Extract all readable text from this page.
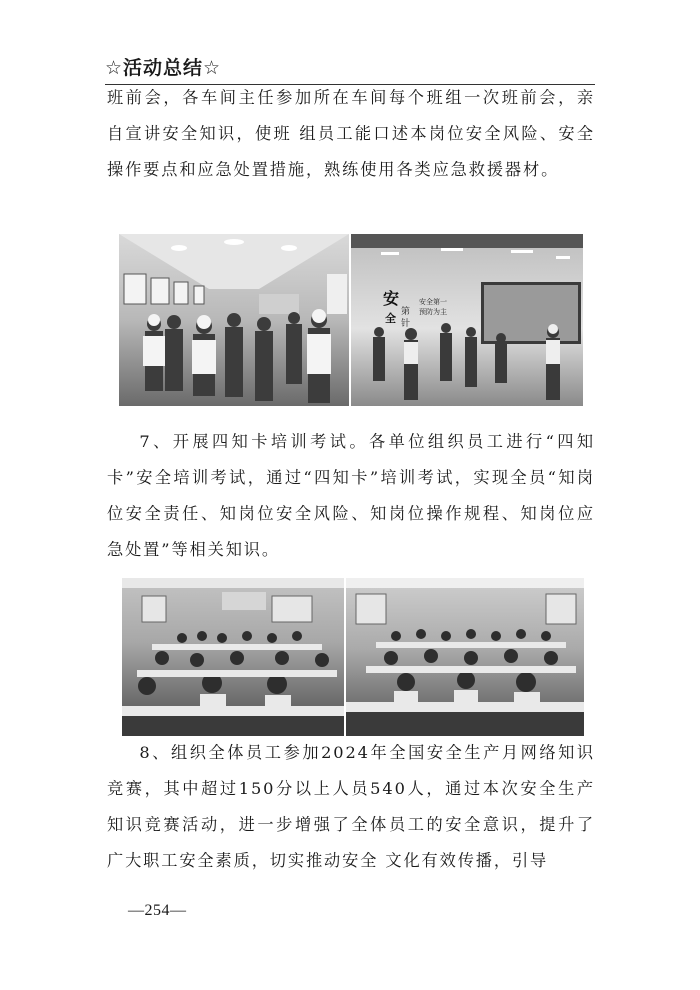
☆活动总结☆

班前会，各车间主任参加所在车间每个班组一次班前会，亲自宣讲安全知识，使班 组员工能口述本岗位安全风险、安全操作要点和应急处置措施，熟练使用各类应急救援器材。

安
全 第
针
安全第一
预防为主

7、开展四知卡培训考试。各单位组织员工进行“四知卡”安全培训考试，通过“四知卡”培训考试，实现全员“知岗位安全责任、知岗位安全风险、知岗位操作规程、知岗位应急处置”等相关知识。

8、组织全体员工参加2024年全国安全生产月网络知识竞赛，其中超过150分以上人员540人，通过本次安全生产知识竞赛活动，进一步增强了全体员工的安全意识，提升了广大职工安全素质，切实推动安全 文化有效传播，引导

—254—
